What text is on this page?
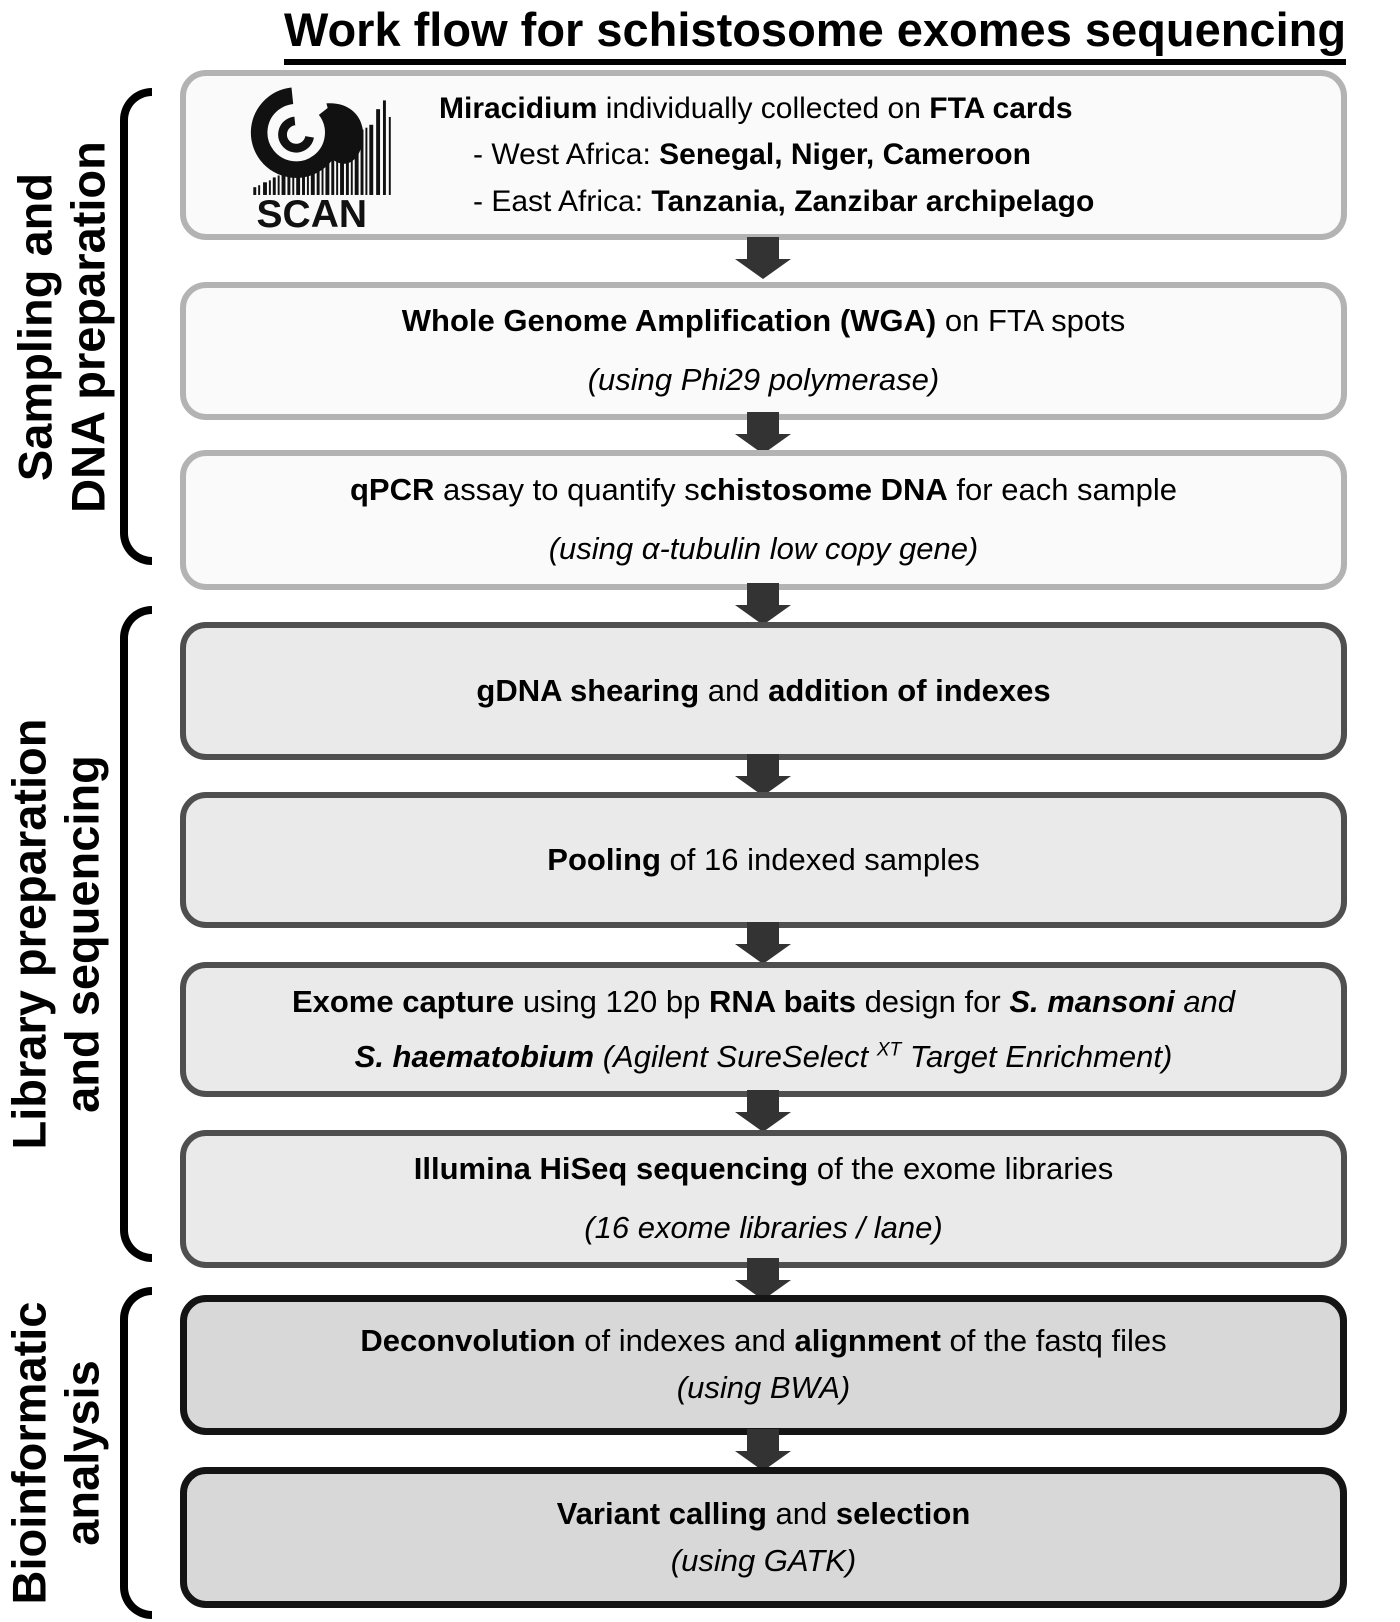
Work flow for schistosome exomes sequencing
Sampling and DNA preparation
Library preparation and sequencing
Bioinformatic analysis
SCAN
Miracidium individually collected on FTA cards
- West Africa: Senegal, Niger, Cameroon
- East Africa: Tanzania, Zanzibar archipelago
Whole Genome Amplification (WGA) on FTA spots
(using Phi29 polymerase)
qPCR assay to quantify schistosome DNA for each sample
(using α-tubulin low copy gene)
gDNA shearing and addition of indexes
Pooling of 16 indexed samples
Exome capture using 120 bp RNA baits design for S. mansoni and
S. haematobium (Agilent SureSelect $^{XT}$ Target Enrichment)
Illumina HiSeq sequencing of the exome libraries
(16 exome libraries / lane)
Deconvolution of indexes and alignment of the fastq files
(using BWA)
Variant calling and selection
(using GATK)
